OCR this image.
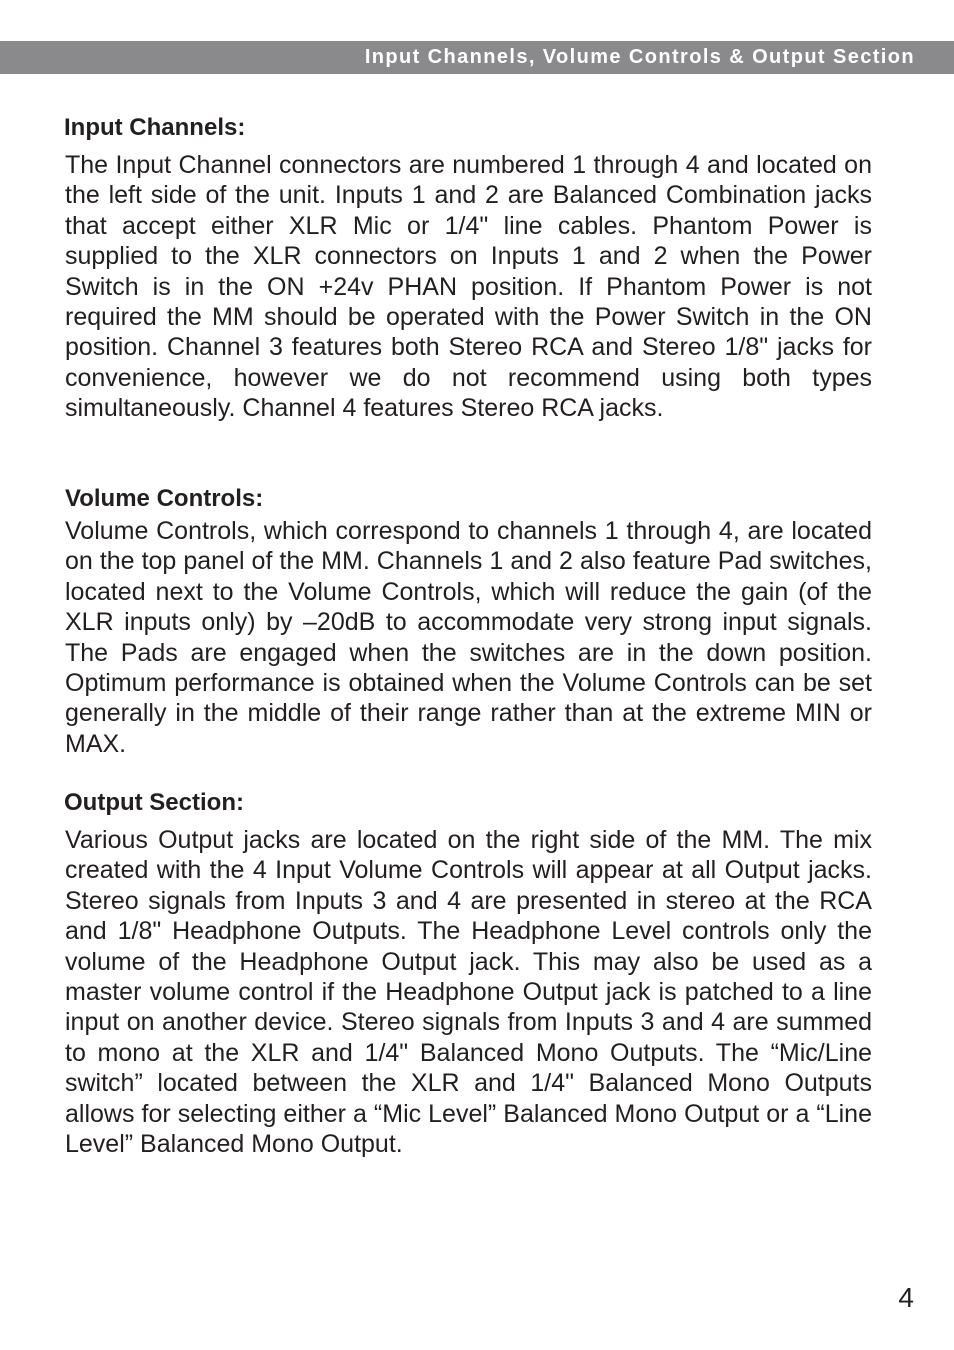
Input Channels, Volume Controls & Output Section
Input Channels:

The Input Channel connectors are numbered 1 through 4 and located on the left side of the unit. Inputs 1 and 2 are Balanced Combination jacks that accept either XLR Mic or 1/4" line cables. Phantom Power is supplied to the XLR connectors on Inputs 1 and 2 when the Power Switch is in the ON +24v PHAN position. If Phantom Power is not required the MM should be operated with the Power Switch in the ON position. Channel 3 features both Stereo RCA and Stereo 1/8" jacks for convenience, however we do not recommend using both types simultaneously. Channel 4 features Stereo RCA jacks.

Volume Controls:

Volume Controls, which correspond to channels 1 through 4, are located on the top panel of the MM. Channels 1 and 2 also feature Pad switches, located next to the Volume Controls, which will reduce the gain (of the XLR inputs only) by –20dB to accommodate very strong input signals. The Pads are engaged when the switches are in the down position. Optimum performance is obtained when the Volume Controls can be set generally in the middle of their range rather than at the extreme MIN or MAX.

Output Section:

Various Output jacks are located on the right side of the MM. The mix created with the 4 Input Volume Controls will appear at all Output jacks. Stereo signals from Inputs 3 and 4 are presented in stereo at the RCA and 1/8" Headphone Outputs. The Headphone Level controls only the volume of the Headphone Output jack. This may also be used as a master volume control if the Headphone Output jack is patched to a line input on another device. Stereo signals from Inputs 3 and 4 are summed to mono at the XLR and 1/4" Balanced Mono Outputs. The “Mic/Line switch” located between the XLR and 1/4" Balanced Mono Outputs allows for selecting either a “Mic Level” Balanced Mono Output or a “Line Level” Balanced Mono Output.

4
